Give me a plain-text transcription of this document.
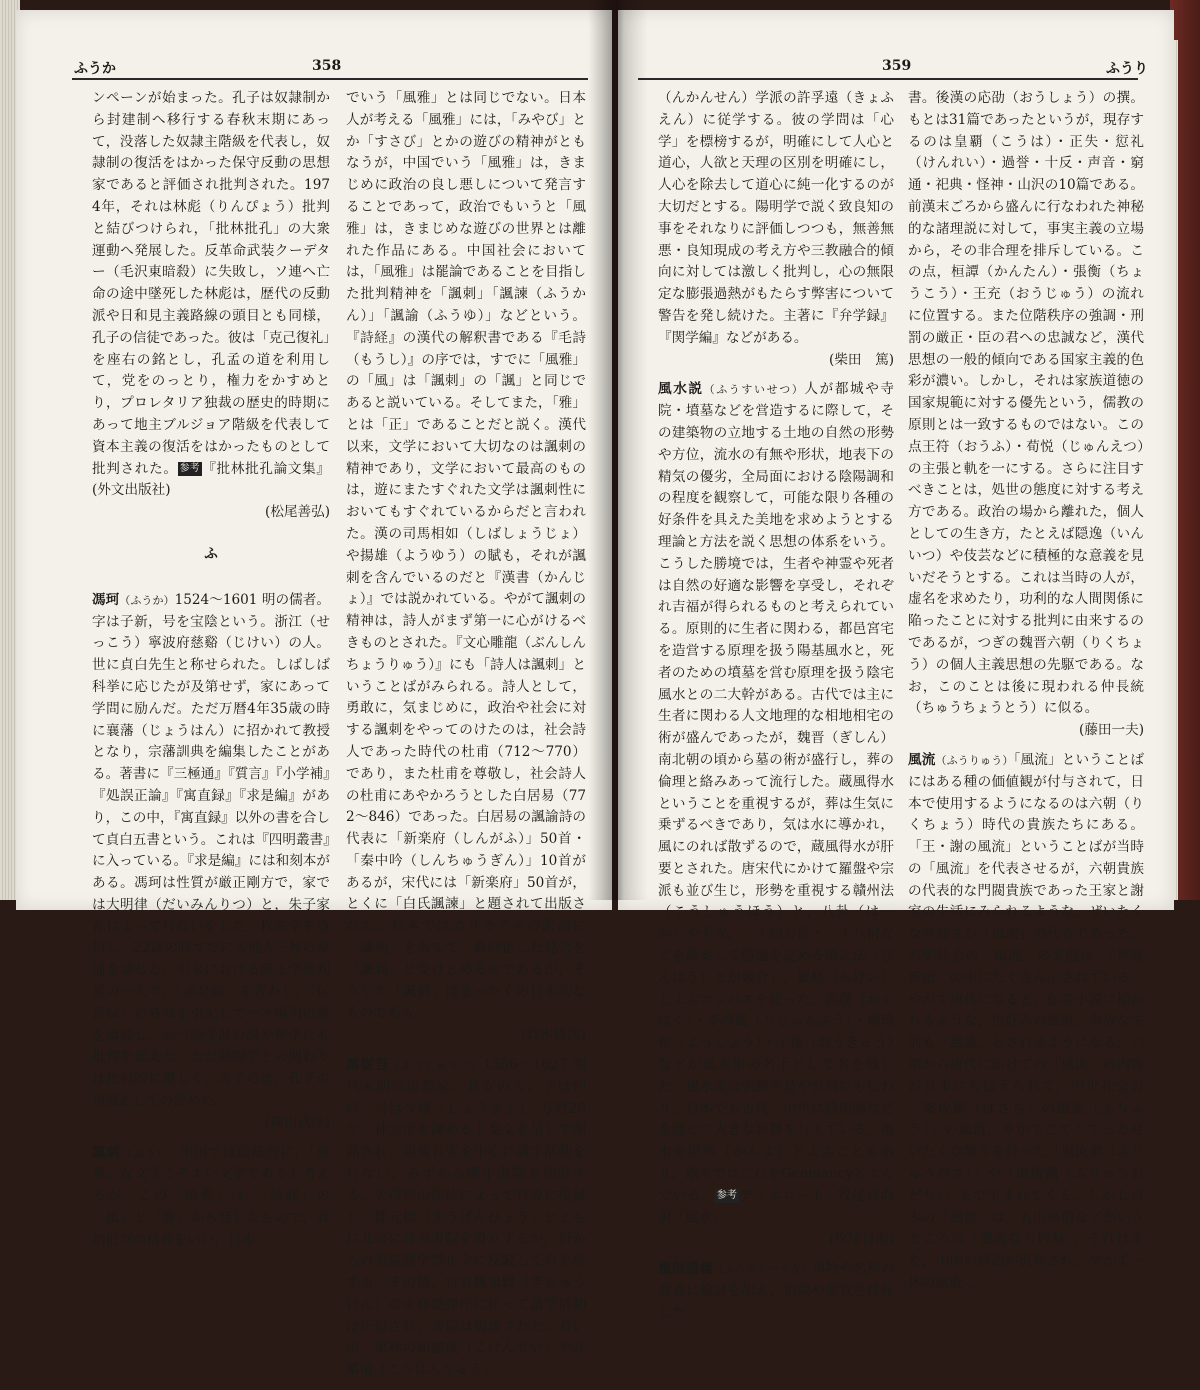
ふうか	358

ンペーンが始まった。孔子は奴隷制から封建制へ移行する春秋末期にあって，没落した奴隷主階級を代表し，奴隷制の復活をはかった保守反動の思想家であると評価され批判された。1974年，それは林彪（りんぴょう）批判と結びつけられ，「批林批孔」の大衆運動へ発展した。反革命武装クーデター（毛沢東暗殺）に失敗し，ソ連へ亡命の途中墜死した林彪は，歴代の反動派や日和見主義路線の頭目とも同様，孔子の信徒であった。彼は「克己復礼」を座右の銘とし，孔孟の道を利用して，党をのっとり，権力をかすめとり，プロレタリア独裁の歴史的時期にあって地主ブルジョア階級を代表して資本主義の復活をはかったものとして批判された。 参考 『批林批孔論文集』(外文出版社)
(松尾善弘)

ふ

馮珂（ふうか）1524～1601 明の儒者。字は子新，号を宝陰という。浙江（せっこう）寧波府慈谿（じけい）の人。世に貞白先生と称せられた。しばしば科挙に応じたが及第せず，家にあって学問に励んだ。ただ万暦4年35歳の時に襄藩（じょうはん）に招かれて教授となり，宗藩訓典を編集したことがある。著書に『三極通』『質言』『小学補』『処誤正論』『寓直録』『求是編』があり，この中，『寓直録』以外の書を合して貞白五書という。これは『四明叢書』に入っている。『求是編』には和刻本がある。馮珂は性質が厳正剛方で，家では大明律（だいみんりつ）と，朱子家礼によって行ないをした。程朱学を尊信し，22歳の時すでに天地人三極の変通を論じた。明末における陸王学批判派の一人で，『求是編』を著わし，『伝習録』の各章を引記して一々陽明の説を論駁し，かつ陸学派の説や禅学にも批判を加えた。ただ陸陽学との関わりは比較的に優しく，告子の流，孔子の別派としての認めた。
(岡田武彦)

諷刺（ふうし）中国では伝統的に，「風雅」な文学こそよい文学であると考えるが，この「風雅」は，『詩経』の「風」と「雅」から発したもので，政治批判の精神をいい，日本

でいう「風雅」とは同じでない。日本人が考える「風雅」には，「みやび」とか「すさび」とかの遊びの精神がともなうが，中国でいう「風雅」は，きまじめに政治の良し悪しについて発言することであって，政治でもいうと「風雅」は，きまじめな遊びの世界とは離れた作品にある。中国社会においては，「風雅」は罷論であることを目指した批判精神を「諷刺」「諷諫（ふうかん）」「諷諭（ふうゆ）」などという。『詩経』の漢代の解釈書である『毛詩（もうし）』の序では，すでに「風雅」の「風」は「諷刺」の「諷」と同じであると説いている。そしてまた，「雅」とは「正」であることだと説く。漢代以来，文学において大切なのは諷刺の精神であり，文学において最高のものは，遊にまたすぐれた文学は諷刺性においてもすぐれているからだと言われた。漢の司馬相如（しばしょうじょ）や揚雄（ようゆう）の賦も，それが諷刺を含んでいるのだと『漢書（かんじょ）』では説かれている。やがて諷刺の精神は，詩人がまず第一に心がけるべきものとされた。『文心雕龍（ぶんしんちょうりゅう）』にも「詩人は諷刺」ということばがみられる。詩人として，勇敢に，気まじめに，政治や社会に対する諷刺をやってのけたのは，社会詩人であった時代の杜甫（712～770）であり，また杜甫を尊敬し，社会詩人の杜甫にあやかろうとした白居易（772～846）であった。白居易の諷諭詩の代表に「新楽府（しんがふ）」50首・「秦中吟（しんちゅうぎん）」10首があるが，宋代には「新楽府」50首が，とくに「白氏諷諫」と題されて出版された。日本ではカリカチャの訳語に「諷刺」をあてて，戯画化した発言を「諷刺」と受けとめるのであるが，そうした「諷刺」はまったくの日本的なものである。
(鈴木修次)

馮従吾（ふうじゅうご）1556～1627 明代末期の思想家。長安の人。字は仲好，号は少墟（しょうきょ）。万暦20年，神宗帝を諫める上奏文を呈して削籍され，以後長安を中心に講学活動を行ない，みずから関中書院を創設する。天啓帝の即位によって官界に復帰し，鄒元標（すうげんひょう）とともに北京に首善書院を設立するが，折からの書院講学禁止令に反駁して官を辞する。その後，宦官魏忠賢（ぎちゅうけん）の東林派弾圧に伴って講学活動は圧迫され，書院は破壊された。若い頃，東林の顧憲成（こけんせい）や高攀竜（こうはんりゅう）

359	ふうり

（んかんせん）学派の許孚遠（きょふえん）に従学する。彼の学問は「心学」を標榜するが，明確にして人心と道心，人欲と天理の区別を明確にし，人心を除去して道心に純一化するのが大切だとする。陽明学で説く致良知の事をそれなりに評価しつつも，無善無悪・良知現成の考え方や三教融合的傾向に対しては激しく批判し，心の無限定な膨張過熱がもたらす弊害について警告を発し続けた。主著に『弁学録』『関学編』などがある。
(柴田　篤)

風水説（ふうすいせつ）人が都城や寺院・墳墓などを営造するに際して，その建築物の立地する土地の自然の形勢や方位，流水の有無や形状，地表下の精気の優劣，全局面における陰陽調和の程度を観察して，可能な限り各種の好条件を具えた美地を求めようとする理論と方法を説く思想の体系をいう。こうした勝境では，生者や神霊や死者は自然の好適な影響を享受し，それぞれ吉福が得られるものと考えられている。原則的に生者に関わる，都邑宮宅を造営する原理を扱う陽基風水と，死者のための墳墓を営む原理を扱う陰宅風水との二大幹がある。古代では主に生者に関わる人文地理的な相地相宅の術が盛んであったが，魏晋（ぎしん）南北朝の頃から墓の術が盛行し，葬の倫理と絡みあって流行した。蔵風得水ということを重視するが，葬は生気に乗ずるべきであり，気は水に導かれ，風にのれば散ずるので，蔵風得水が肝要とされた。唐宋代にかけて羅盤や宗派も並び生じ，形勢を重視する贛州法（こうしゅうほう）と，八卦（はっか）や干支，二十四方位・二十八宿などを勘案して勝地を定める閩之法（びんほう）とが競合し，羅経（らけい）とよぶコンパスを使った。郭璞（かくはく）・李淳風（りじゅんぷう）・楊筠松（ようしょう）・王伋（おうきゅう）などが風水術の名手として名を残した。風水説は朝鮮半島や台湾にも伝わり，日本でも古代・中世に陰陽師などを通じて大きな影響を与えている。風水を堪輿（かんよ）とよぶこともあり，欧米ではこれをGeomancyとよんでいる。 参考 デ・ホロート，牧尾良海訳『風水』
(牧尾良海)

風俗通義（ふうぞくつうぎ）事物や名称の意義に検討を加え，俗説や邪教を排斥した

書。後漢の応劭（おうしょう）の撰。もとは31篇であったというが，現存するのは皇覇（こうは）・正失・愆礼（けんれい）・過誉・十反・声音・窮通・祀典・怪神・山沢の10篇である。前漢末ごろから盛んに行なわれた神秘的な諸理説に対して，事実主義の立場から，その非合理を排斥している。この点，桓譚（かんたん）・張衡（ちょうこう）・王充（おうじゅう）の流れに位置する。また位階秩序の強調・刑罰の厳正・臣の君への忠誠など，漢代思想の一般的傾向である国家主義的色彩が濃い。しかし，それは家族道徳の国家規範に対する優先という，儒教の原則とは一致するものではない。この点王符（おうふ）・荀悦（じゅんえつ）の主張と軌を一にする。さらに注目すべきことは，処世の態度に対する考え方である。政治の場から離れた，個人としての生き方，たとえば隠逸（いんいつ）や伎芸などに積極的な意義を見いだそうとする。これは当時の人が，虚名を求めたり，功利的な人間関係に陥ったことに対する批判に由来するのであるが，つぎの魏晋六朝（りくちょう）の個人主義思想の先駆である。なお，このことは後に現われる仲長統（ちゅうちょうとう）に似る。
(藤田一夫)

風流（ふうりゅう）「風流」ということばにはある種の価値観が付与されて，日本で使用するようになるのは六朝（りくちょう）時代の貴族たちにある。「王・謝の風流」ということばが当時の「風流」を代表させるが，六朝貴族の代表的な門閥貴族であった王家と謝家の生活にみられるような，ぜいたくな奔放さが「風流」の代表であった。六朝社会の「風流」の実態は，『世説新語』の中にたくさん示されている。やがて唐代になると，伝奇小説に描かれるような，色好みの風流，奔放な生活も「風流」とされるようになる。六朝から唐代にかけての「風流」の内容が日本にも伝えられて，中世社会の「婆佐羅（ばさら）の風流（ふりゅう）」の風流，やがてごてごてしたぜいたくな飾りを持った「風流傘（ふりゅうがさ）」や「風流踊（ふりゅうおどり）」まで生まれてくる。しかし日本の「風流」は，五山の僧などがいうところの「風流なら居易」，それはまた，中国の詩語が流布され，やがて一休の風流…
